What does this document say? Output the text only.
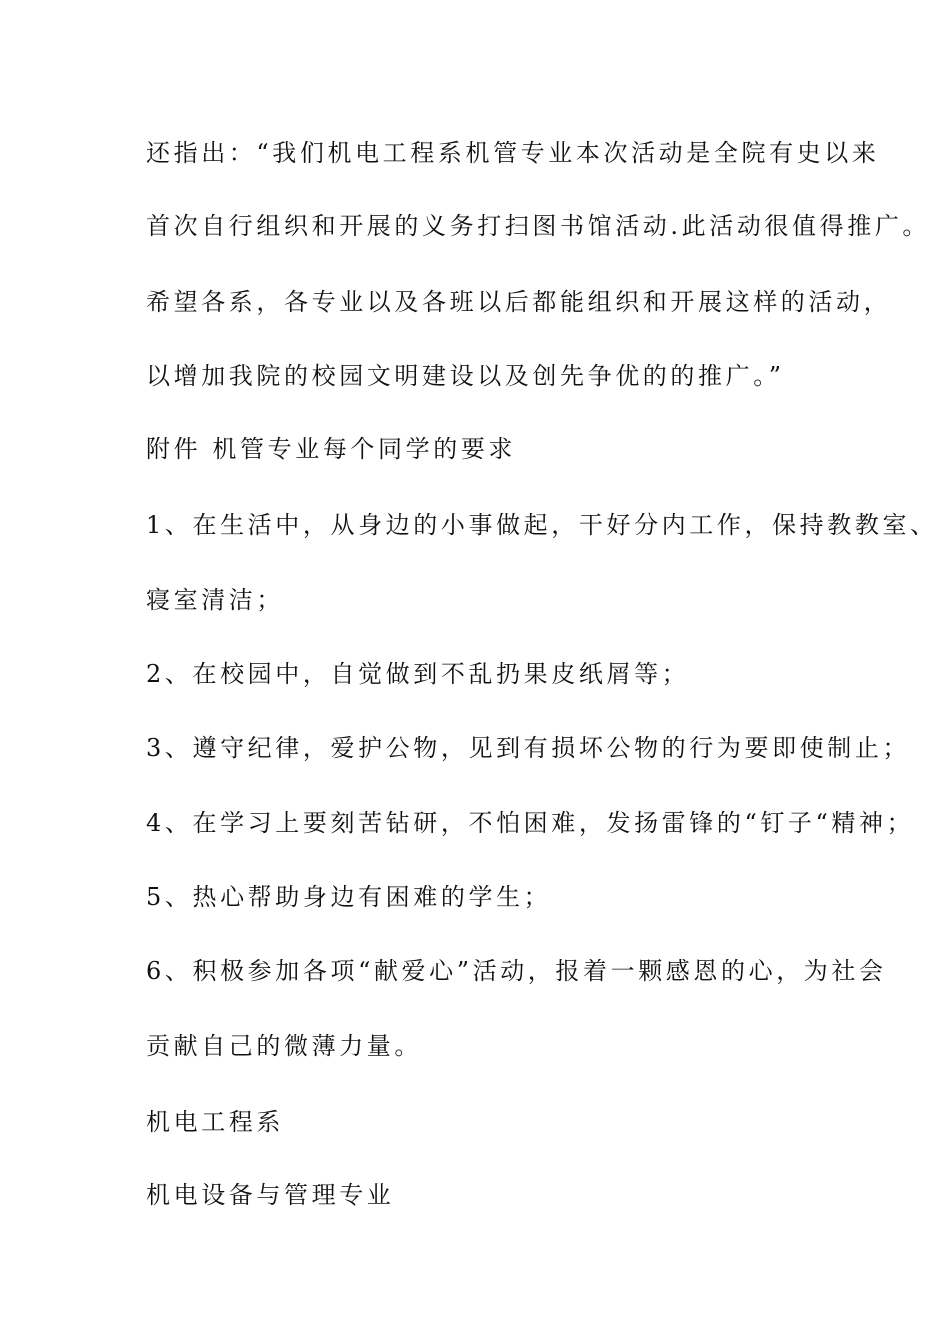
还指出：“我们机电工程系机管专业本次活动是全院有史以来
首次自行组织和开展的义务打扫图书馆活动.此活动很值得推广。
希望各系，各专业以及各班以后都能组织和开展这样的活动，
以增加我院的校园文明建设以及创先争优的的推广。”
附件 机管专业每个同学的要求
1、在生活中，从身边的小事做起，干好分内工作，保持教教室、
寝室清洁；
2、在校园中，自觉做到不乱扔果皮纸屑等；
3、遵守纪律，爱护公物，见到有损坏公物的行为要即使制止；
4、在学习上要刻苦钻研，不怕困难，发扬雷锋的“钉子“精神；
5、热心帮助身边有困难的学生；
6、积极参加各项“献爱心”活动，报着一颗感恩的心，为社会
贡献自己的微薄力量。
机电工程系
机电设备与管理专业
